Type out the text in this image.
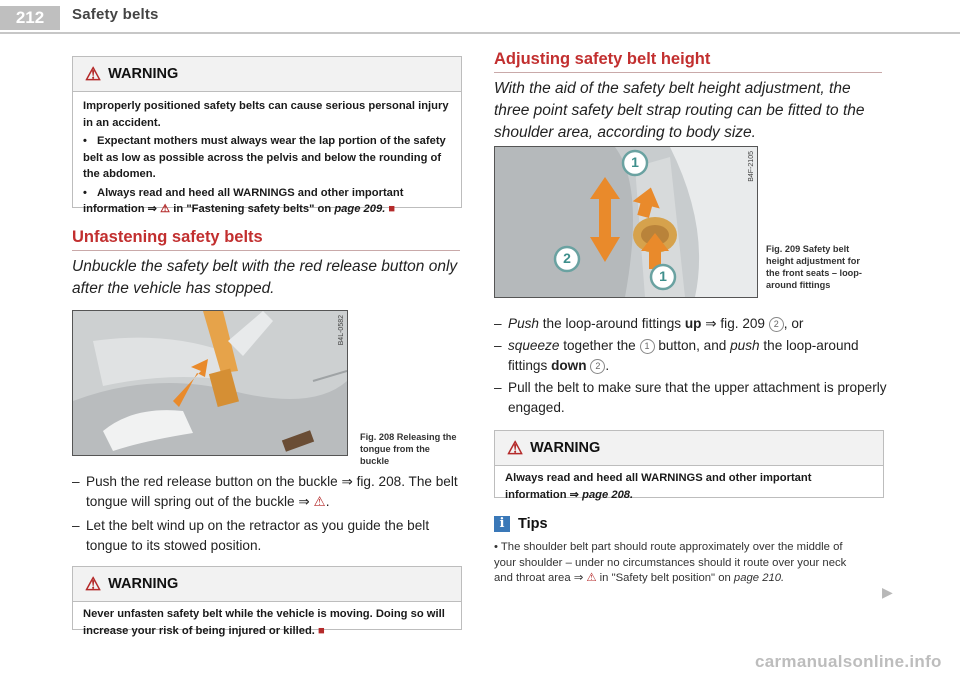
212	Safety belts
⚠ WARNING

Improperly positioned safety belts can cause serious personal injury in an accident.

• Expectant mothers must always wear the lap portion of the safety belt as low as possible across the pelvis and below the rounding of the abdomen.

• Always read and heed all WARNINGS and other important information ⇒ ⚠ in "Fastening safety belts" on page 209. ■

Unfastening safety belts
Unbuckle the safety belt with the red release button only after the vehicle has stopped.
B4L-0582
Fig. 208 Releasing the tongue from the buckle
– Push the red release button on the buckle ⇒ fig. 208. The belt tongue will spring out of the buckle ⇒ ⚠.
– Let the belt wind up on the retractor as you guide the belt tongue to its stowed position.
⚠ WARNING
Never unfasten safety belt while the vehicle is moving. Doing so will increase your risk of being injured or killed. ■
Adjusting safety belt height
With the aid of the safety belt height adjustment, the three point safety belt strap routing can be fitted to the shoulder area, according to body size.
1
2
1
B4F-2105
Fig. 209 Safety belt height adjustment for the front seats – loop-around fittings
– Push the loop-around fittings up ⇒ fig. 209 2 , or
– squeeze together the 1 button, and push the loop-around fittings down 2 .
– Pull the belt to make sure that the upper attachment is properly engaged.
⚠ WARNING
Always read and heed all WARNINGS and other important information ⇒ page 208.
i Tips
• The shoulder belt part should route approximately over the middle of your shoulder – under no circumstances should it route over your neck and throat area ⇒ ⚠ in "Safety belt position" on page 210.
▶
carmanualsonline.info
